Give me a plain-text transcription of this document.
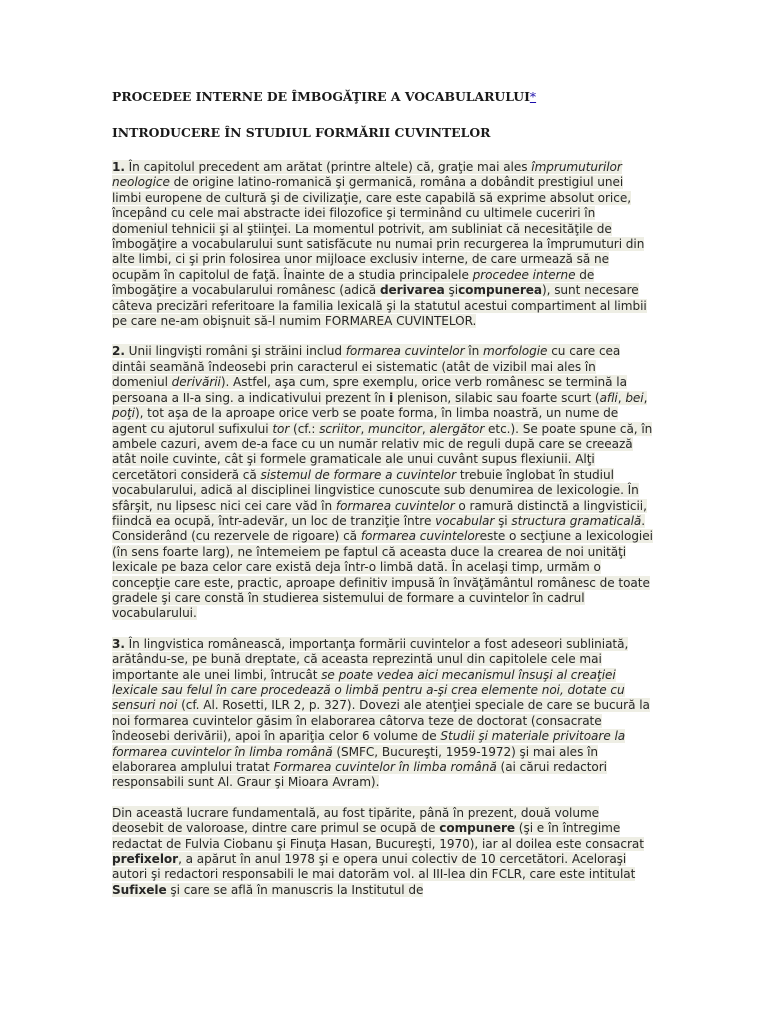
PROCEDEE INTERNE DE ÎMBOGĂŢIRE A VOCABULARULUI*
INTRODUCERE ÎN STUDIUL FORMĂRII CUVINTELOR

1. În capitolul precedent am arătat (printre altele) că, graţie mai ales împrumuturilor neologice de origine latino-romanică şi germanică, româna a dobândit prestigiul unei limbi europene de cultură şi de civilizaţie, care este capabilă să exprime absolut orice, începând cu cele mai abstracte idei filozofice şi terminând cu ultimele cuceriri în domeniul tehnicii şi al ştiinţei. La momentul potrivit, am subliniat că necesităţile de îmbogăţire a vocabularului sunt satisfăcute nu numai prin recurgerea la împrumuturi din alte limbi, ci şi prin folosirea unor mijloace exclusiv interne, de care urmează să ne ocupăm în capitolul de faţă. Înainte de a studia principalele procedee interne de îmbogăţire a vocabularului românesc (adică derivarea şicompunerea), sunt necesare câteva precizări referitoare la familia lexicală şi la statutul acestui compartiment al limbii pe care ne-am obişnuit să-l numim FORMAREA CUVINTELOR.

2. Unii lingvişti români şi străini includ formarea cuvintelor în morfologie cu care cea dintâi seamănă îndeosebi prin caracterul ei sistematic (atât de vizibil mai ales în domeniul derivării). Astfel, aşa cum, spre exemplu, orice verb românesc se termină la persoana a II-a sing. a indicativului prezent în i plenison, silabic sau foarte scurt (afli, bei, poţi), tot aşa de la aproape orice verb se poate forma, în limba noastră, un nume de agent cu ajutorul sufixului tor (cf.: scriitor, muncitor, alergător etc.). Se poate spune că, în ambele cazuri, avem de-a face cu un număr relativ mic de reguli după care se creează atât noile cuvinte, cât şi formele gramaticale ale unui cuvânt supus flexiunii. Alţi cercetători consideră că sistemul de formare a cuvintelor trebuie înglobat în studiul vocabularului, adică al disciplinei lingvistice cunoscute sub denumirea de lexicologie. În sfârşit, nu lipsesc nici cei care văd în formarea cuvintelor o ramură distinctă a lingvisticii, fiindcă ea ocupă, într-adevăr, un loc de tranziţie între vocabular şi structura gramaticală. Considerând (cu rezervele de rigoare) că formarea cuvinteloreste o secţiune a lexicologiei (în sens foarte larg), ne întemeiem pe faptul că aceasta duce la crearea de noi unităţi lexicale pe baza celor care există deja într-o limbă dată. În acelaşi timp, urmăm o concepţie care este, practic, aproape definitiv impusă în învăţământul românesc de toate gradele şi care constă în studierea sistemului de formare a cuvintelor în cadrul vocabularului.

3. În lingvistica românească, importanţa formării cuvintelor a fost adeseori subliniată, arătându-se, pe bună dreptate, că aceasta reprezintă unul din capitolele cele mai importante ale unei limbi, întrucât se poate vedea aici mecanismul însuşi al creaţiei lexicale sau felul în care procedează o limbă pentru a-şi crea elemente noi, dotate cu sensuri noi (cf. Al. Rosetti, ILR 2, p. 327). Dovezi ale atenţiei speciale de care se bucură la noi formarea cuvintelor găsim în elaborarea câtorva teze de doctorat (consacrate îndeosebi derivării), apoi în apariţia celor 6 volume de Studii şi materiale privitoare la formarea cuvintelor în limba română (SMFC, Bucureşti, 1959-1972) şi mai ales în elaborarea amplului tratat Formarea cuvintelor în limba română (ai cărui redactori responsabili sunt Al. Graur şi Mioara Avram).

Din această lucrare fundamentală, au fost tipărite, până în prezent, două volume deosebit de valoroase, dintre care primul se ocupă de compunere (şi e în întregime redactat de Fulvia Ciobanu şi Finuţa Hasan, Bucureşti, 1970), iar al doilea este consacrat prefixelor, a apărut în anul 1978 şi e opera unui colectiv de 10 cercetători. Aceloraşi autori şi redactori responsabili le mai datorăm vol. al III-lea din FCLR, care este intitulat Sufixele şi care se află în manuscris la Institutul de
